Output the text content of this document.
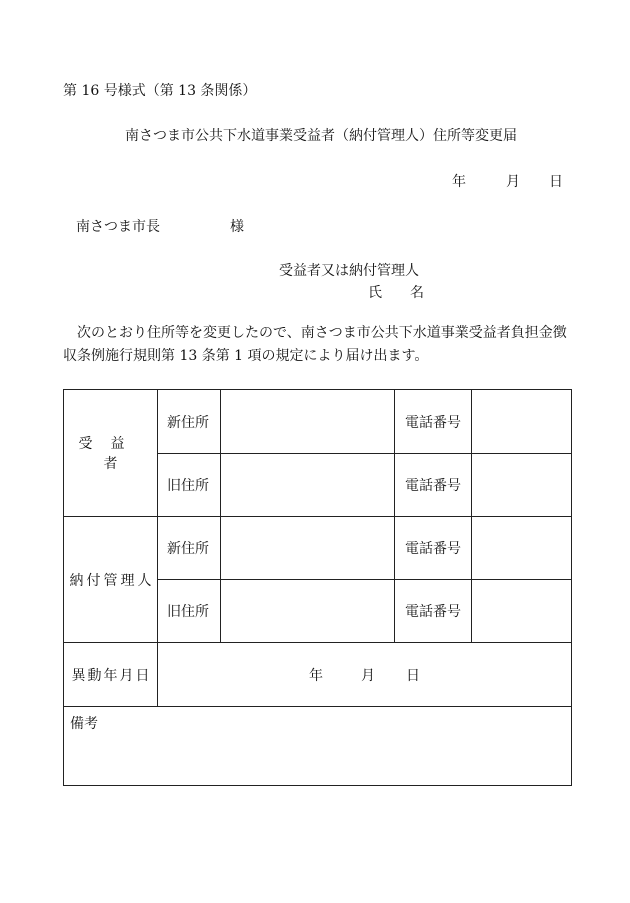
第 16 号様式（第 13 条関係）
南さつま市公共下水道事業受益者（納付管理人）住所等変更届
年	月 日
南さつま市長	様
受益者又は納付管理人
氏 名
次のとおり住所等を変更したので、南さつま市公共下水道事業受益者負担金徴収条例施行規則第 13 条第 1 項の規定により届け出ます。
受益者	新住所		電話番号	
	旧住所		電話番号	
納付管理人	新住所		電話番号	
	旧住所		電話番号	
異動年月日	年 月 日			
備考				
